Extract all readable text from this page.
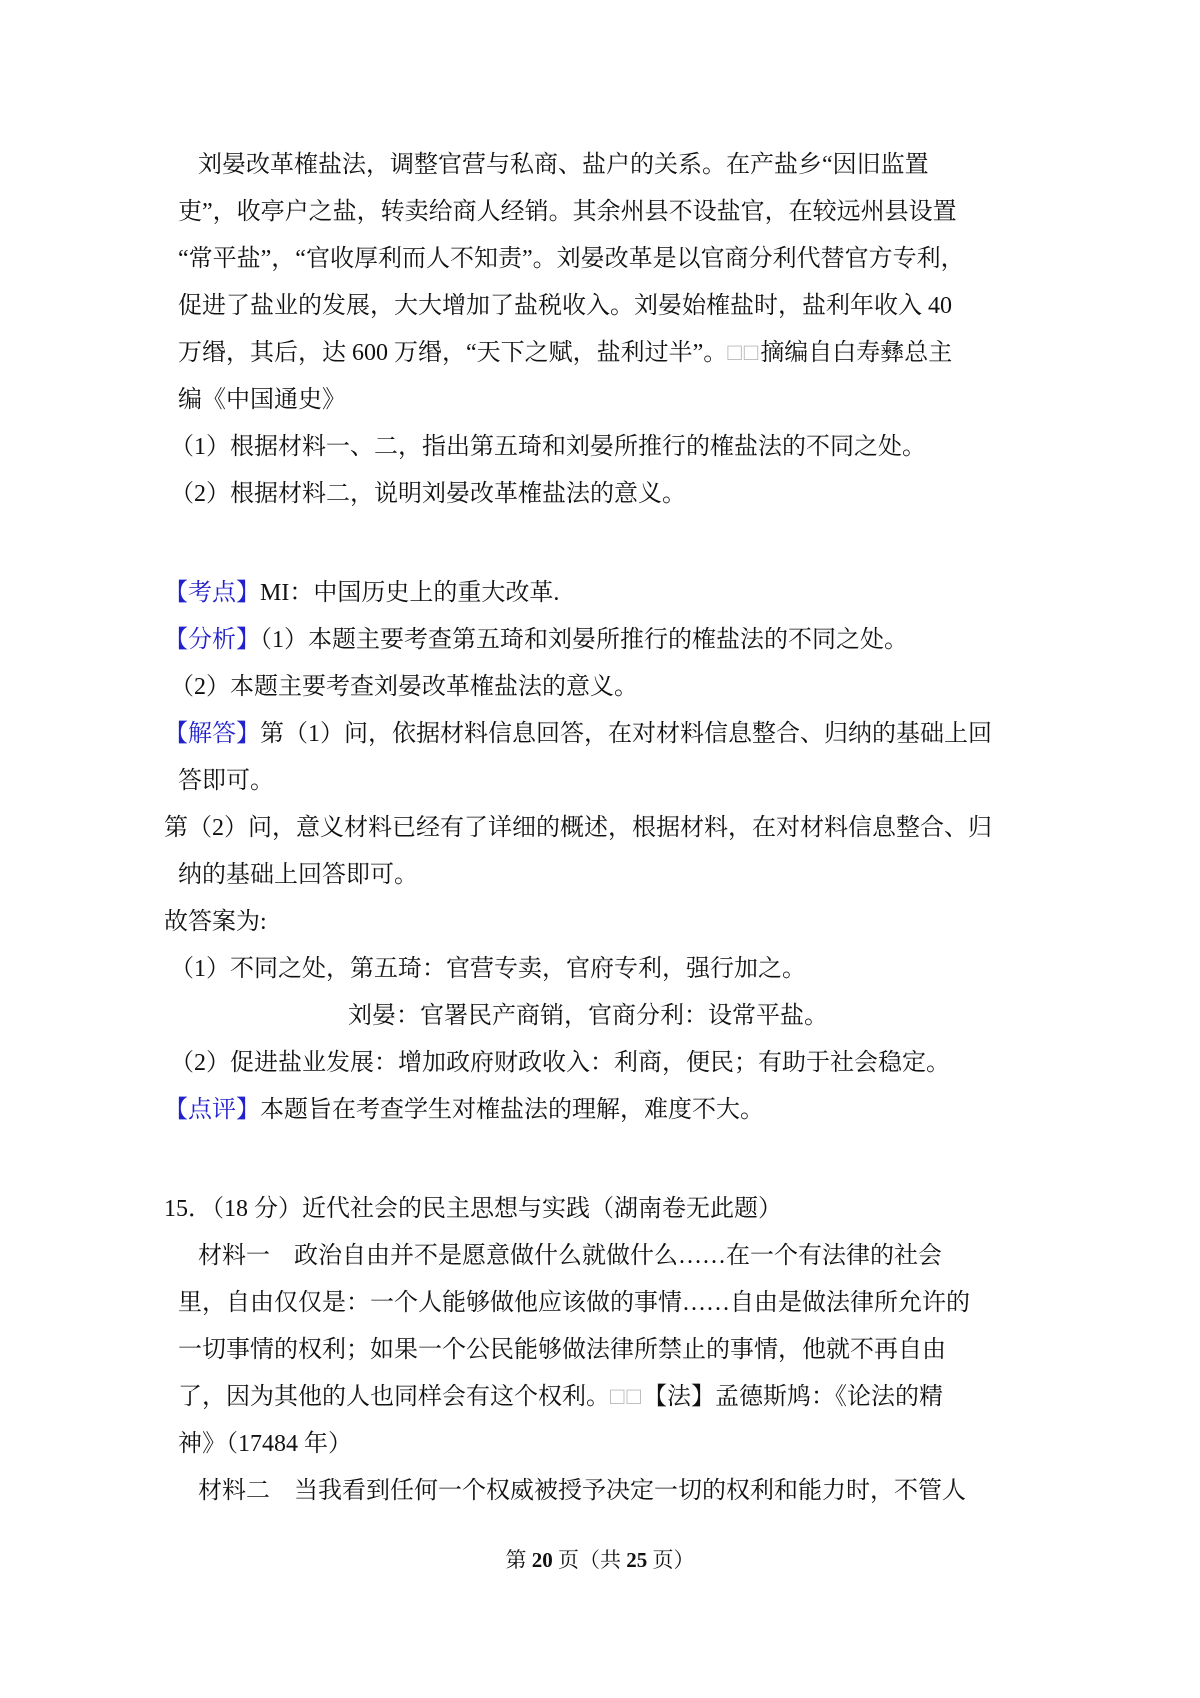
刘晏改革榷盐法，调整官营与私商、盐户的关系。在产盐乡“因旧监置
吏”，收亭户之盐，转卖给商人经销。其余州县不设盐官，在较远州县设置
“常平盐”，“官收厚利而人不知责”。刘晏改革是以官商分利代替官方专利，
促进了盐业的发展，大大增加了盐税收入。刘晏始榷盐时，盐利年收入 40
万缗，其后，达 600 万缗，“天下之赋，盐利过半”。□□摘编自白寿彝总主
编《中国通史》
（1）根据材料一、二，指出第五琦和刘晏所推行的榷盐法的不同之处。
（2）根据材料二，说明刘晏改革榷盐法的意义。
【考点】MI：中国历史上的重大改革.
【分析】（1）本题主要考查第五琦和刘晏所推行的榷盐法的不同之处。
（2）本题主要考查刘晏改革榷盐法的意义。
【解答】第（1）问，依据材料信息回答，在对材料信息整合、归纳的基础上回
答即可。
第（2）问，意义材料已经有了详细的概述，根据材料，在对材料信息整合、归
纳的基础上回答即可。
故答案为:
（1）不同之处，第五琦：官营专卖，官府专利，强行加之。
刘晏：官署民产商销，官商分利：设常平盐。
（2）促进盐业发展：增加政府财政收入：利商，便民；有助于社会稳定。
【点评】本题旨在考查学生对榷盐法的理解，难度不大。
15．（18 分）近代社会的民主思想与实践（湖南卷无此题）
材料一　政治自由并不是愿意做什么就做什么……在一个有法律的社会
里，自由仅仅是：一个人能够做他应该做的事情……自由是做法律所允许的
一切事情的权利；如果一个公民能够做法律所禁止的事情，他就不再自由
了，因为其他的人也同样会有这个权利。□□【法】孟德斯鸠：《论法的精
神》（17484 年）
材料二　当我看到任何一个权威被授予决定一切的权利和能力时，不管人
第 20 页（共 25 页）
